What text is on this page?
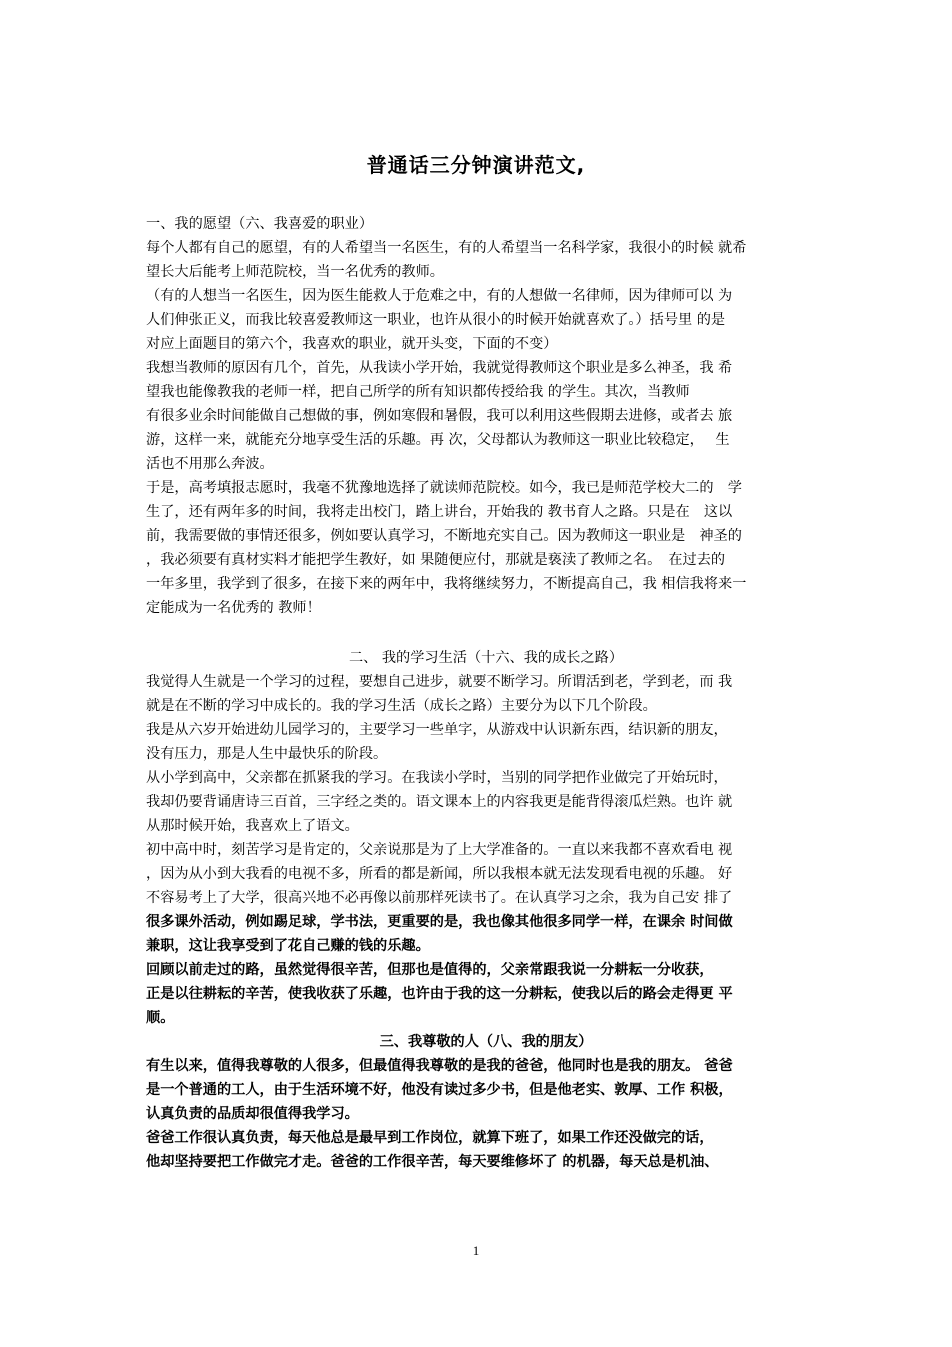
普通话三分钟演讲范文,
一、我的愿望（六、我喜爱的职业）
每个人都有自己的愿望，有的人希望当一名医生，有的人希望当一名科学家，我很小的时候 就希
望长大后能考上师范院校，当一名优秀的教师。
（有的人想当一名医生，因为医生能救人于危难之中，有的人想做一名律师，因为律师可以 为
人们伸张正义，而我比较喜爱教师这一职业，也许从很小的时候开始就喜欢了。）括号里 的是
对应上面题目的第六个，我喜欢的职业，就开头变，下面的不变）
我想当教师的原因有几个，首先，从我读小学开始，我就觉得教师这个职业是多么神圣，我 希
望我也能像教我的老师一样，把自己所学的所有知识都传授给我 的学生。其次，当教师
有很多业余时间能做自己想做的事，例如寒假和暑假，我可以利用这些假期去进修，或者去 旅
游，这样一来，就能充分地享受生活的乐趣。再 次，父母都认为教师这一职业比较稳定，　 生
活也不用那么奔波。
于是，高考填报志愿时，我毫不犹豫地选择了就读师范院校。如今，我已是师范学校大二的　学
生了，还有两年多的时间，我将走出校门，踏上讲台，开始我的 教书育人之路。只是在　这以
前，我需要做的事情还很多，例如要认真学习，不断地充实自己。因为教师这一职业是　神圣的
，我必须要有真材实料才能把学生教好，如 果随便应付，那就是亵渎了教师之名。　在过去的
一年多里，我学到了很多，在接下来的两年中，我将继续努力，不断提高自己，我 相信我将来一
定能成为一名优秀的 教师！
二、 我的学习生活（十六、我的成长之路）
我觉得人生就是一个学习的过程，要想自己进步，就要不断学习。所谓活到老，学到老，而 我
就是在不断的学习中成长的。我的学习生活（成长之路）主要分为以下几个阶段。
我是从六岁开始进幼儿园学习的，主要学习一些单字，从游戏中认识新东西，结识新的朋友，
没有压力，那是人生中最快乐的阶段。
从小学到高中，父亲都在抓紧我的学习。在我读小学时，当别的同学把作业做完了开始玩时，
我却仍要背诵唐诗三百首，三字经之类的。语文课本上的内容我更是能背得滚瓜烂熟。也许 就
从那时候开始，我喜欢上了语文。
初中高中时，刻苦学习是肯定的，父亲说那是为了上大学准备的。一直以来我都不喜欢看电 视
，因为从小到大我看的电视不多，所看的都是新闻，所以我根本就无法发现看电视的乐趣。 好
不容易考上了大学，很高兴地不必再像以前那样死读书了。在认真学习之余，我为自己安 排了
很多课外活动，例如踢足球，学书法，更重要的是，我也像其他很多同学一样，在课余 时间做
兼职，这让我享受到了花自己赚的钱的乐趣。
回顾以前走过的路，虽然觉得很辛苦，但那也是值得的，父亲常跟我说一分耕耘一分收获，
正是以往耕耘的辛苦，使我收获了乐趣，也许由于我的这一分耕耘，使我以后的路会走得更 平
顺。
三、我尊敬的人（八、我的朋友）
有生以来，值得我尊敬的人很多，但最值得我尊敬的是我的爸爸，他同时也是我的朋友。 爸爸
是一个普通的工人，由于生活环境不好，他没有读过多少书，但是他老实、敦厚、工作 积极，
认真负责的品质却很值得我学习。
爸爸工作很认真负责，每天他总是最早到工作岗位，就算下班了，如果工作还没做完的话，
他却坚持要把工作做完才走。爸爸的工作很辛苦，每天要维修坏了 的机器，每天总是机油、
1
